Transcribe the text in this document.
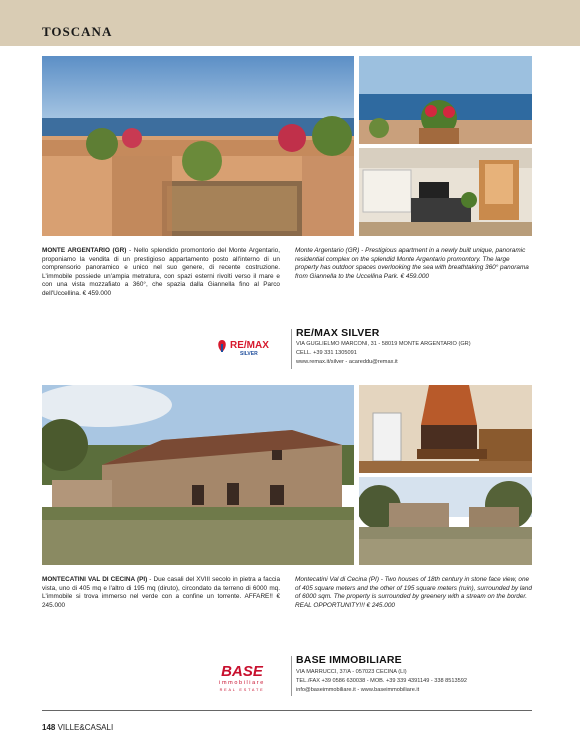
TOSCANA
MONTE ARGENTARIO (GR) - Nello splendido promontorio del Monte Argentario, proponiamo la vendita di un prestigioso appartamento posto all'interno di un comprensorio panoramico e unico nel suo genere, di recente costruzione. L'immobile possiede un'ampia metratura, con spazi esterni rivolti verso il mare e con una vista mozzafiato a 360°, che spazia dalla Giannella fino al Parco dell'Uccellina. € 459.000
Monte Argentario (GR) - Prestigious apartment in a newly built unique, panoramic residential complex on the splendid Monte Argentario promontory. The large property has outdoor spaces overlooking the sea with breathtaking 360° panorama from Giannella to the Uccellina Park. € 459.000
RE/MAX
SILVER
RE/MAX SILVER
VIA GUGLIELMO MARCONI, 31 - 58019 MONTE ARGENTARIO (GR)
CELL. +39 331 1305091
www.remax.it/silver - acareddu@remax.it
MONTECATINI VAL DI CECINA (PI) - Due casali del XVIII secolo in pietra a faccia vista, uno di 405 mq e l'altro di 195 mq (diruto), circondato da terreno di 6000 mq. L'immobile si trova immerso nel verde con a confine un torrente. AFFARE!! € 245.000
Montecatini Val di Cecina (PI) - Two houses of 18th century in stone face view, one of 405 square meters and the other of 195 square meters (ruin), surrounded by land of 6000 sqm. The property is surrounded by greenery with a stream on the border. REAL OPPORTUNITY!!! € 245.000
BASE
immobiliare
REAL ESTATE
BASE IMMOBILIARE
VIA MARRUCCI, 37/A - 057023 CECINA (LI)
TEL./FAX +39 0586 630038 - MOB. +39 339 4391149 - 338 8513592
info@baseimmobiliare.it - www.baseimmobiliare.it
148 VILLE&CASALI
